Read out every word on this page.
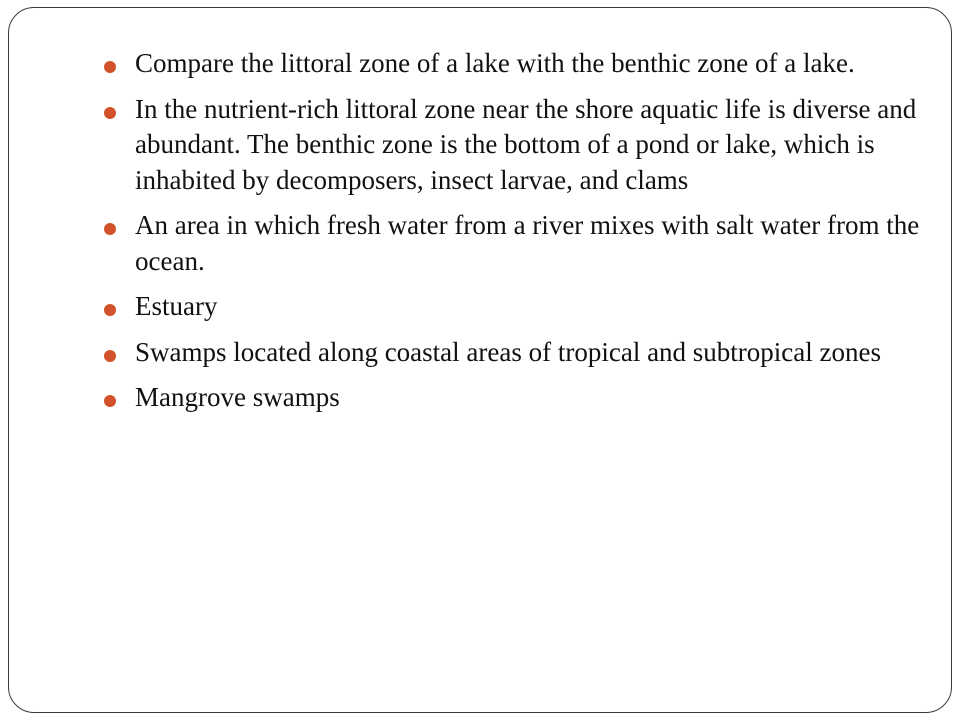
Compare the littoral zone of a lake with the benthic zone of a lake.
In the nutrient-rich littoral zone near the shore aquatic life is diverse and abundant. The benthic zone is the bottom of a pond or lake, which is inhabited by decomposers, insect larvae, and clams
An area in which fresh water from a river mixes with salt water from the ocean.
Estuary
Swamps located along coastal areas of tropical and subtropical zones
Mangrove swamps
